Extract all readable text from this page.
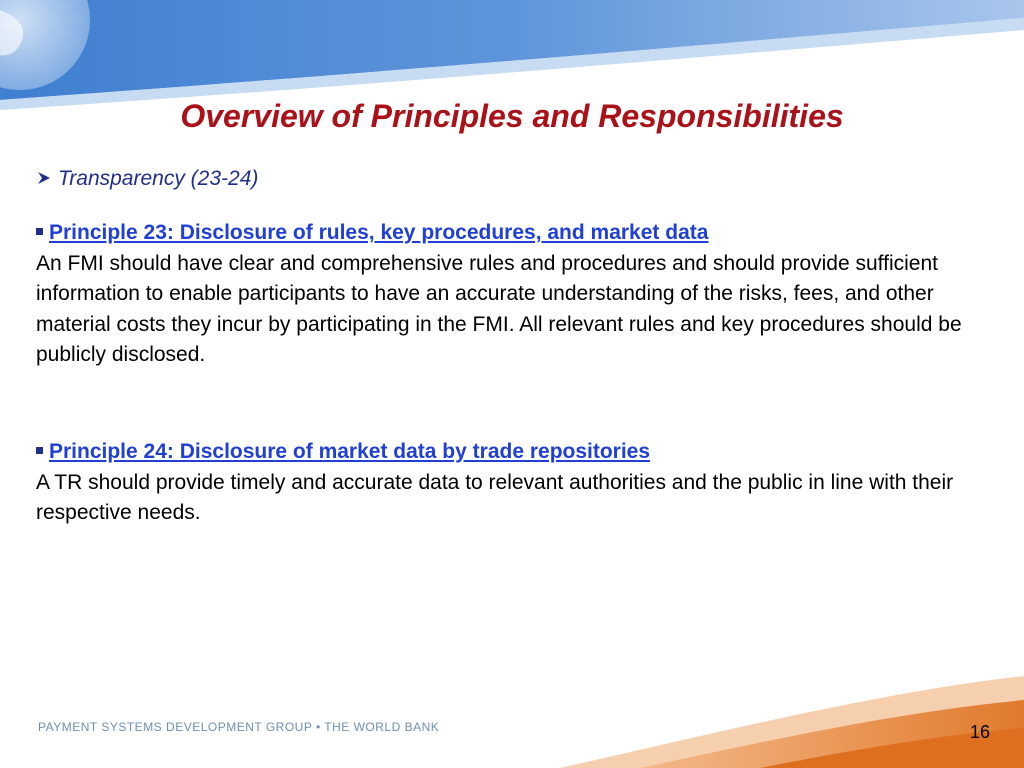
Overview of Principles and Responsibilities
Transparency (23-24)
Principle 23: Disclosure of rules, key procedures, and market data
An FMI should have clear and comprehensive rules and procedures and should provide sufficient information to enable participants to have an accurate understanding of the risks, fees, and other material costs they incur by participating in the FMI. All relevant rules and key procedures should be publicly disclosed.
Principle 24: Disclosure of market data by trade repositories
A TR should provide timely and accurate data to relevant authorities and the public in line with their respective needs.
PAYMENT SYSTEMS DEVELOPMENT GROUP • THE WORLD BANK	16
